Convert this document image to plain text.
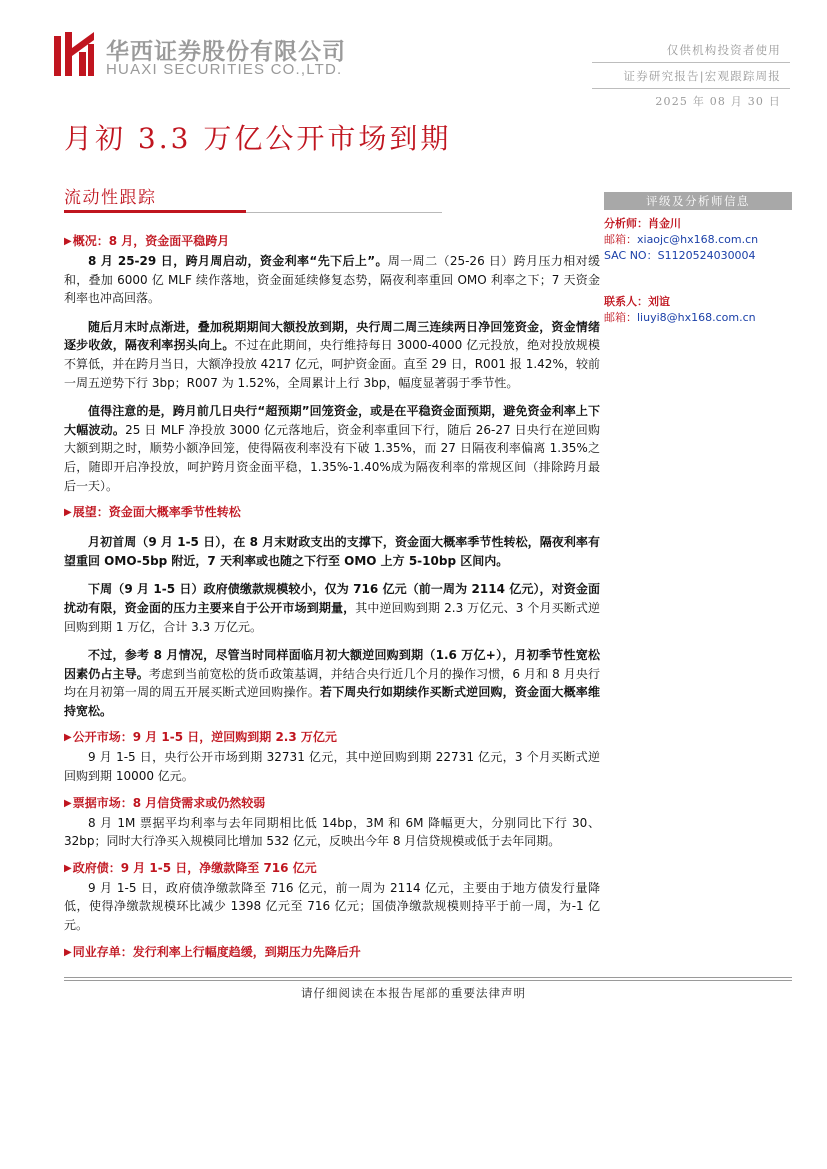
华西证券股份有限公司
HUAXI SECURITIES CO.,LTD.
仅供机构投资者使用
证券研究报告|宏观跟踪周报
2025 年 08 月 30 日
月初 3.3 万亿公开市场到期
流动性跟踪
▶概况：8 月，资金面平稳跨月

8 月 25-29 日，跨月周启动，资金利率“先下后上”。周一周二（25-26 日）跨月压力相对缓和，叠加 6000 亿 MLF 续作落地，资金面延续修复态势，隔夜利率重回 OMO 利率之下；7 天资金利率也冲高回落。

随后月末时点渐进，叠加税期期间大额投放到期，央行周二周三连续两日净回笼资金，资金情绪逐步收敛，隔夜利率拐头向上。不过在此期间，央行维持每日 3000-4000 亿元投放，绝对投放规模不算低，并在跨月当日，大额净投放 4217 亿元，呵护资金面。直至 29 日，R001 报 1.42%，较前一周五逆势下行 3bp；R007 为 1.52%，全周累计上行 3bp，幅度显著弱于季节性。

值得注意的是，跨月前几日央行“超预期”回笼资金，或是在平稳资金面预期，避免资金利率上下大幅波动。25 日 MLF 净投放 3000 亿元落地后，资金利率重回下行，随后 26-27 日央行在逆回购大额到期之时，顺势小额净回笼，使得隔夜利率没有下破 1.35%，而 27 日隔夜利率偏离 1.35%之后，随即开启净投放，呵护跨月资金面平稳，1.35%-1.40%成为隔夜利率的常规区间（排除跨月最后一天）。

▶展望：资金面大概率季节性转松

月初首周（9 月 1-5 日），在 8 月末财政支出的支撑下，资金面大概率季节性转松，隔夜利率有望重回 OMO-5bp 附近，7 天利率或也随之下行至 OMO 上方 5-10bp 区间内。

下周（9 月 1-5 日）政府债缴款规模较小，仅为 716 亿元（前一周为 2114 亿元），对资金面扰动有限，资金面的压力主要来自于公开市场到期量，其中逆回购到期 2.3 万亿元、3 个月买断式逆回购到期 1 万亿，合计 3.3 万亿元。

不过，参考 8 月情况，尽管当时同样面临月初大额逆回购到期（1.6 万亿+），月初季节性宽松因素仍占主导。考虑到当前宽松的货币政策基调，并结合央行近几个月的操作习惯，6 月和 8 月央行均在月初第一周的周五开展买断式逆回购操作。若下周央行如期续作买断式逆回购，资金面大概率维持宽松。

▶公开市场：9 月 1-5 日，逆回购到期 2.3 万亿元

9 月 1-5 日，央行公开市场到期 32731 亿元，其中逆回购到期 22731 亿元，3 个月买断式逆回购到期 10000 亿元。

▶票据市场：8 月信贷需求或仍然较弱

8 月 1M 票据平均利率与去年同期相比低 14bp，3M 和 6M 降幅更大，分别同比下行 30、32bp；同时大行净买入规模同比增加 532 亿元，反映出今年 8 月信贷规模或低于去年同期。

▶政府债：9 月 1-5 日，净缴款降至 716 亿元

9 月 1-5 日，政府债净缴款降至 716 亿元，前一周为 2114 亿元，主要由于地方债发行量降低，使得净缴款规模环比减少 1398 亿元至 716 亿元；国债净缴款规模则持平于前一周，为-1 亿元。

▶同业存单：发行利率上行幅度趋缓，到期压力先降后升
评级及分析师信息
分析师：肖金川
邮箱：xiaojc@hx168.com.cn
SAC NO：S1120524030004
联系人：刘谊
邮箱：liuyi8@hx168.com.cn
请仔细阅读在本报告尾部的重要法律声明
